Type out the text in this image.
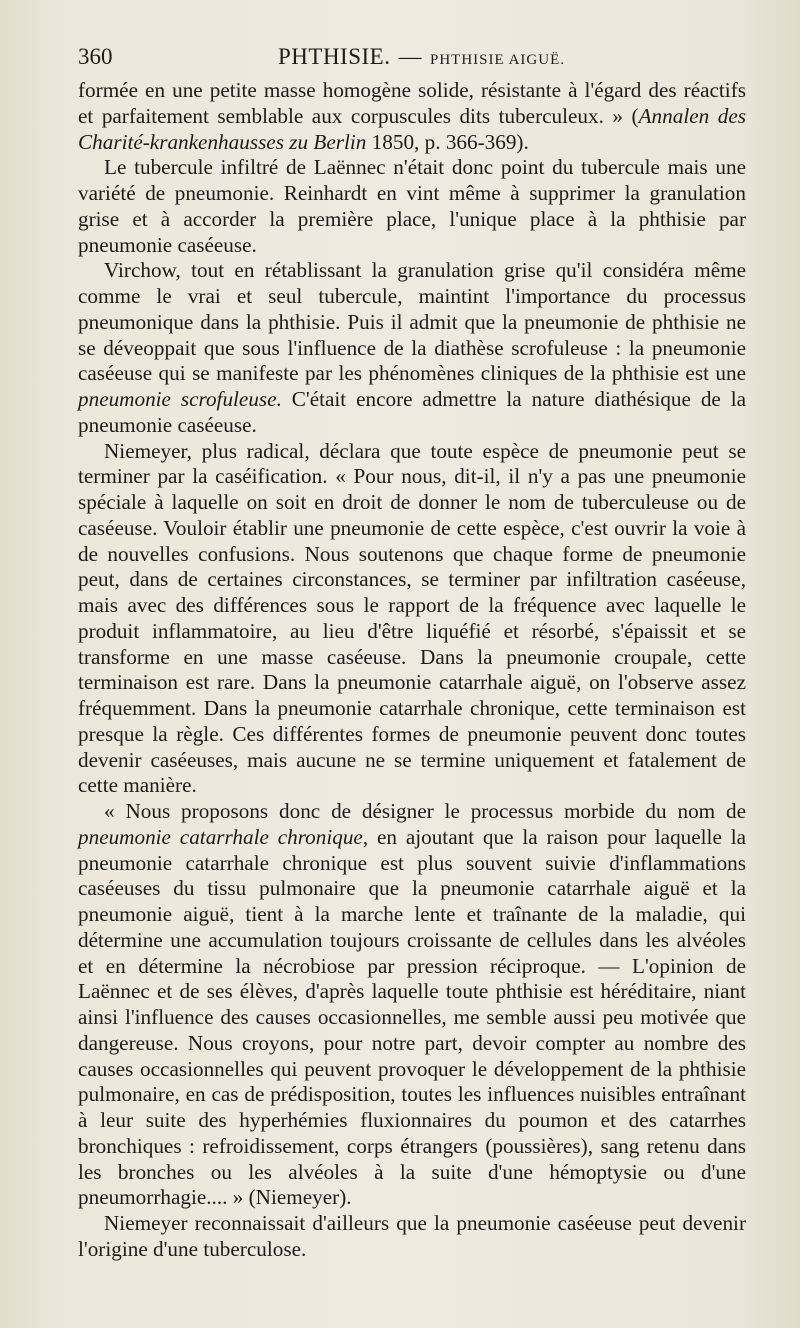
360	PHTHISIE. — PHTHISIE AIGUË.

formée en une petite masse homogène solide, résistante à l'égard des réactifs et parfaitement semblable aux corpuscules dits tuberculeux. » (Annalen des Charité-krankenhausses zu Berlin 1850, p. 366-369).

Le tubercule infiltré de Laënnec n'était donc point du tubercule mais une variété de pneumonie. Reinhardt en vint même à supprimer la granulation grise et à accorder la première place, l'unique place à la phthisie par pneumonie caséeuse.

Virchow, tout en rétablissant la granulation grise qu'il considéra même comme le vrai et seul tubercule, maintint l'importance du processus pneumonique dans la phthisie. Puis il admit que la pneumonie de phthisie ne se déveoppait que sous l'influence de la diathèse scrofuleuse : la pneumonie caséeuse qui se manifeste par les phénomènes cliniques de la phthisie est une pneumonie scrofuleuse. C'était encore admettre la nature diathésique de la pneumonie caséeuse.

Niemeyer, plus radical, déclara que toute espèce de pneumonie peut se terminer par la caséification. « Pour nous, dit-il, il n'y a pas une pneumonie spéciale à laquelle on soit en droit de donner le nom de tuberculeuse ou de caséeuse. Vouloir établir une pneumonie de cette espèce, c'est ouvrir la voie à de nouvelles confusions. Nous soutenons que chaque forme de pneumonie peut, dans de certaines circonstances, se terminer par infiltration caséeuse, mais avec des différences sous le rapport de la fréquence avec laquelle le produit inflammatoire, au lieu d'être liquéfié et résorbé, s'épaissit et se transforme en une masse caséeuse. Dans la pneumonie croupale, cette terminaison est rare. Dans la pneumonie catarrhale aiguë, on l'observe assez fréquemment. Dans la pneumonie catarrhale chronique, cette terminaison est presque la règle. Ces différentes formes de pneumonie peuvent donc toutes devenir caséeuses, mais aucune ne se termine uniquement et fatalement de cette manière.

« Nous proposons donc de désigner le processus morbide du nom de pneumonie catarrhale chronique, en ajoutant que la raison pour laquelle la pneumonie catarrhale chronique est plus souvent suivie d'inflammations caséeuses du tissu pulmonaire que la pneumonie catarrhale aiguë et la pneumonie aiguë, tient à la marche lente et traînante de la maladie, qui détermine une accumulation toujours croissante de cellules dans les alvéoles et en détermine la nécrobiose par pression réciproque. — L'opinion de Laënnec et de ses élèves, d'après laquelle toute phthisie est héréditaire, niant ainsi l'influence des causes occasionnelles, me semble aussi peu motivée que dangereuse. Nous croyons, pour notre part, devoir compter au nombre des causes occasionnelles qui peuvent provoquer le développement de la phthisie pulmonaire, en cas de prédisposition, toutes les influences nuisibles entraînant à leur suite des hyperhémies fluxionnaires du poumon et des catarrhes bronchiques : refroidissement, corps étrangers (poussières), sang retenu dans les bronches ou les alvéoles à la suite d'une hémoptysie ou d'une pneumorrhagie.... » (Niemeyer).

Niemeyer reconnaissait d'ailleurs que la pneumonie caséeuse peut devenir l'origine d'une tuberculose.
